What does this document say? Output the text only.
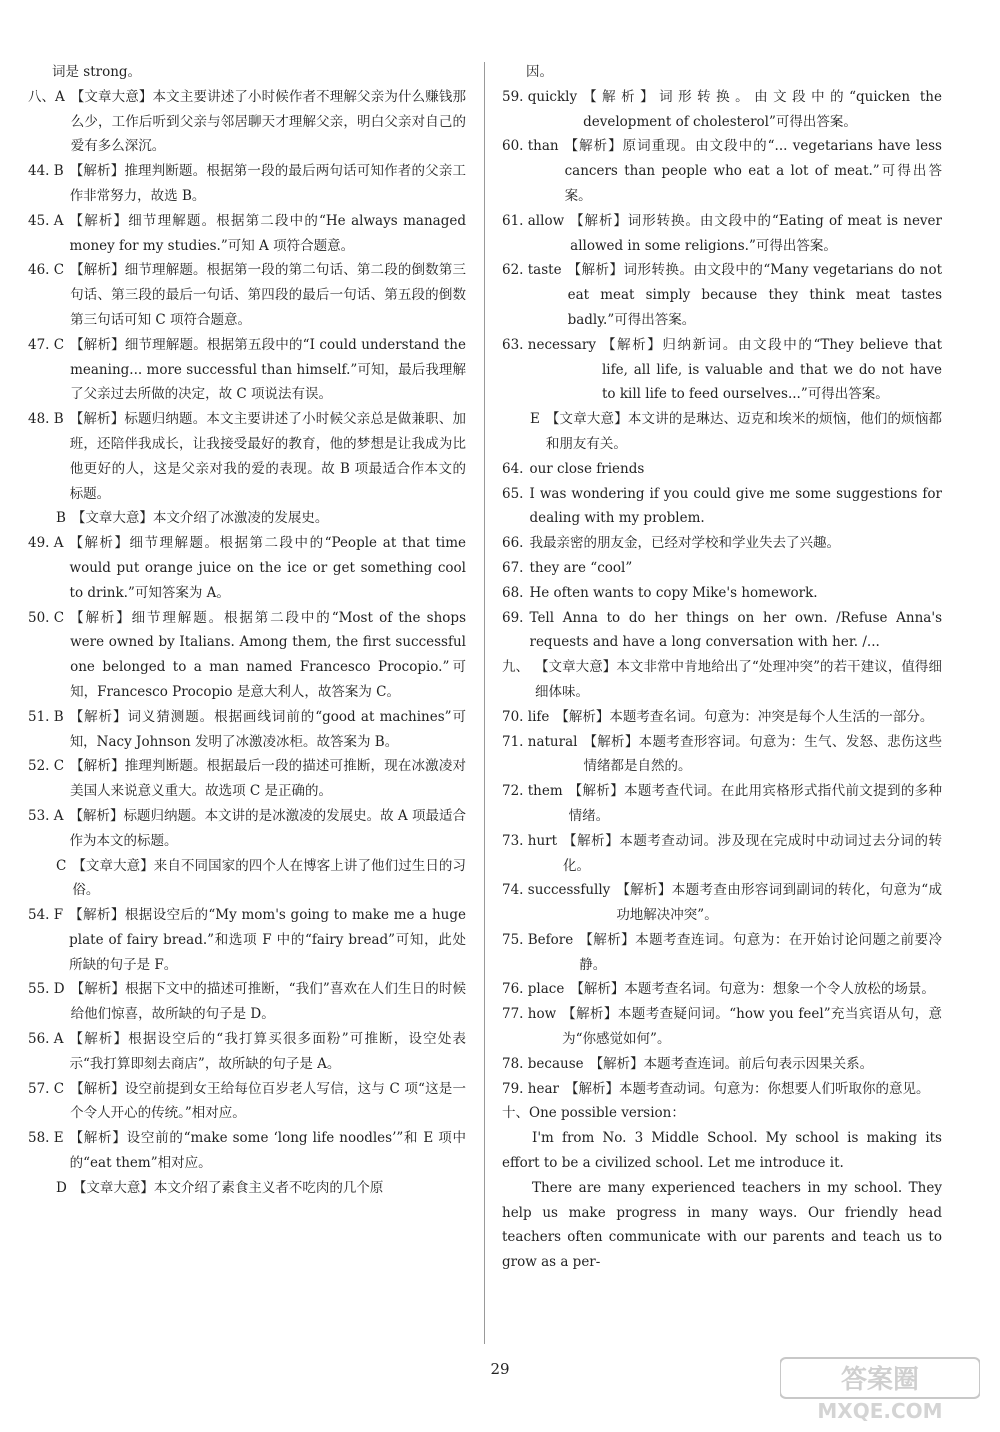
词是 strong。
八、A 【文章大意】本文主要讲述了小时候作者不理解父亲为什么赚钱那么少，工作后听到父亲与邻居聊天才理解父亲，明白父亲对自己的爱有多么深沉。
44. B 【解析】推理判断题。根据第一段的最后两句话可知作者的父亲工作非常努力，故选 B。
45. A 【解析】细节理解题。根据第二段中的“He always managed money for my studies.”可知 A 项符合题意。
46. C 【解析】细节理解题。根据第一段的第二句话、第二段的倒数第三句话、第三段的最后一句话、第四段的最后一句话、第五段的倒数第三句话可知 C 项符合题意。
47. C 【解析】细节理解题。根据第五段中的“I could understand the meaning... more successful than himself.”可知，最后我理解了父亲过去所做的决定，故 C 项说法有误。
48. B 【解析】标题归纳题。本文主要讲述了小时候父亲总是做兼职、加班，还陪伴我成长，让我接受最好的教育，他的梦想是让我成为比他更好的人，这是父亲对我的爱的表现。故 B 项最适合作本文的标题。
B 【文章大意】本文介绍了冰激凌的发展史。
49. A 【解析】细节理解题。根据第二段中的“People at that time would put orange juice on the ice or get something cool to drink.”可知答案为 A。
50. C 【解析】细节理解题。根据第二段中的“Most of the shops were owned by Italians. Among them, the first successful one belonged to a man named Francesco Procopio.”可知，Francesco Procopio 是意大利人，故答案为 C。
51. B 【解析】词义猜测题。根据画线词前的“good at machines”可知，Nacy Johnson 发明了冰激凌冰柜。故答案为 B。
52. C 【解析】推理判断题。根据最后一段的描述可推断，现在冰激凌对美国人来说意义重大。故选项 C 是正确的。
53. A 【解析】标题归纳题。本文讲的是冰激凌的发展史。故 A 项最适合作为本文的标题。
C 【文章大意】来自不同国家的四个人在博客上讲了他们过生日的习俗。
54. F 【解析】根据设空后的“My mom's going to make me a huge plate of fairy bread.”和选项 F 中的“fairy bread”可知，此处所缺的句子是 F。
55. D 【解析】根据下文中的描述可推断，“我们”喜欢在人们生日的时候给他们惊喜，故所缺的句子是 D。
56. A 【解析】根据设空后的“我打算买很多面粉”可推断，设空处表示“我打算即刻去商店”，故所缺的句子是 A。
57. C 【解析】设空前提到女王给每位百岁老人写信，这与 C 项“这是一个令人开心的传统。”相对应。
58. E 【解析】设空前的“make some ‘long life noodles’”和 E 项中的“eat them”相对应。
D 【文章大意】本文介绍了素食主义者不吃肉的几个原
因。
59. quickly 【解析】词形转换。由文段中的“quicken the development of cholesterol”可得出答案。
60. than 【解析】原词重现。由文段中的“... vegetarians have less cancers than people who eat a lot of meat.”可得出答案。
61. allow 【解析】词形转换。由文段中的“Eating of meat is never allowed in some religions.”可得出答案。
62. taste 【解析】词形转换。由文段中的“Many vegetarians do not eat meat simply because they think meat tastes badly.”可得出答案。
63. necessary 【解析】归纳新词。由文段中的“They believe that life, all life, is valuable and that we do not have to kill life to feed ourselves...”可得出答案。
E 【文章大意】本文讲的是琳达、迈克和埃米的烦恼，他们的烦恼都和朋友有关。
64. our close friends
65. I was wondering if you could give me some suggestions for dealing with my problem.
66. 我最亲密的朋友金，已经对学校和学业失去了兴趣。
67. they are “cool”
68. He often wants to copy Mike's homework.
69. Tell Anna to do her things on her own. /Refuse Anna's requests and have a long conversation with her. /...
九、 【文章大意】本文非常中肯地给出了“处理冲突”的若干建议，值得细细体味。
70. life 【解析】本题考查名词。句意为：冲突是每个人生活的一部分。
71. natural 【解析】本题考查形容词。句意为：生气、发怒、悲伤这些情绪都是自然的。
72. them 【解析】本题考查代词。在此用宾格形式指代前文提到的多种情绪。
73. hurt 【解析】本题考查动词。涉及现在完成时中动词过去分词的转化。
74. successfully 【解析】本题考查由形容词到副词的转化，句意为“成功地解决冲突”。
75. Before 【解析】本题考查连词。句意为：在开始讨论问题之前要冷静。
76. place 【解析】本题考查名词。句意为：想象一个令人放松的场景。
77. how 【解析】本题考查疑问词。“how you feel”充当宾语从句，意为“你感觉如何”。
78. because 【解析】本题考查连词。前后句表示因果关系。
79. hear 【解析】本题考查动词。句意为：你想要人们听取你的意见。
十、One possible version：
I'm from No. 3 Middle School. My school is making its effort to be a civilized school. Let me introduce it.
There are many experienced teachers in my school. They help us make progress in many ways. Our friendly head teachers often communicate with our parents and teach us to grow as a per-
29	答案圈
MXQE.COM
